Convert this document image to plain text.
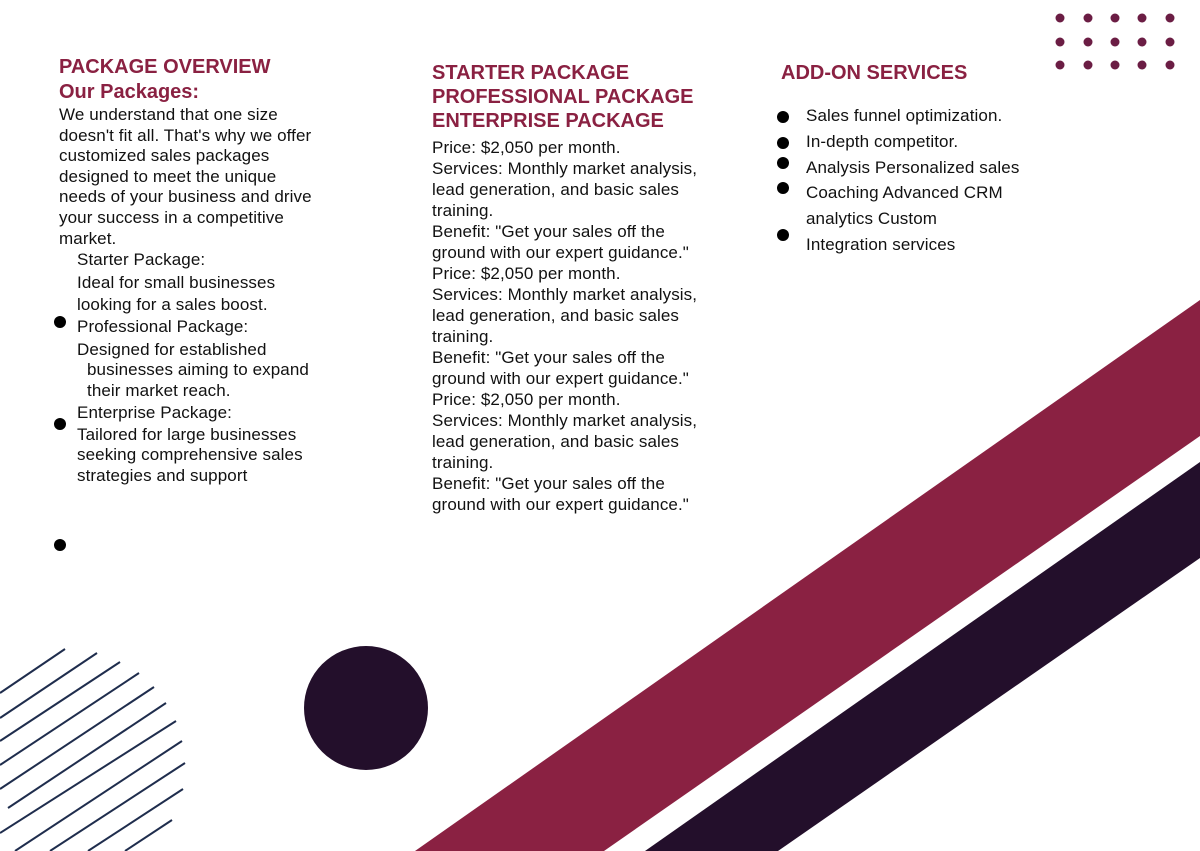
PACKAGE OVERVIEW
Our Packages:
We understand that one size
doesn't fit all. That's why we offer
customized sales packages
designed to meet the unique
needs of your business and drive
your success in a competitive
market.
Starter Package:
Ideal for small businesses
looking for a sales boost.
Professional Package:
Designed for established
businesses aiming to expand
their market reach.
Enterprise Package:
Tailored for large businesses
seeking comprehensive sales
strategies and support
STARTER PACKAGE
PROFESSIONAL PACKAGE
ENTERPRISE PACKAGE
Price: $2,050 per month.
Services: Monthly market analysis,
lead generation, and basic sales
training.
Benefit: "Get your sales off the
ground with our expert guidance."
Price: $2,050 per month.
Services: Monthly market analysis,
lead generation, and basic sales
training.
Benefit: "Get your sales off the
ground with our expert guidance."
Price: $2,050 per month.
Services: Monthly market analysis,
lead generation, and basic sales
training.
Benefit: "Get your sales off the
ground with our expert guidance."
ADD-ON SERVICES
Sales funnel optimization.
In-depth competitor.
Analysis Personalized sales
Coaching Advanced CRM
analytics Custom
Integration services
